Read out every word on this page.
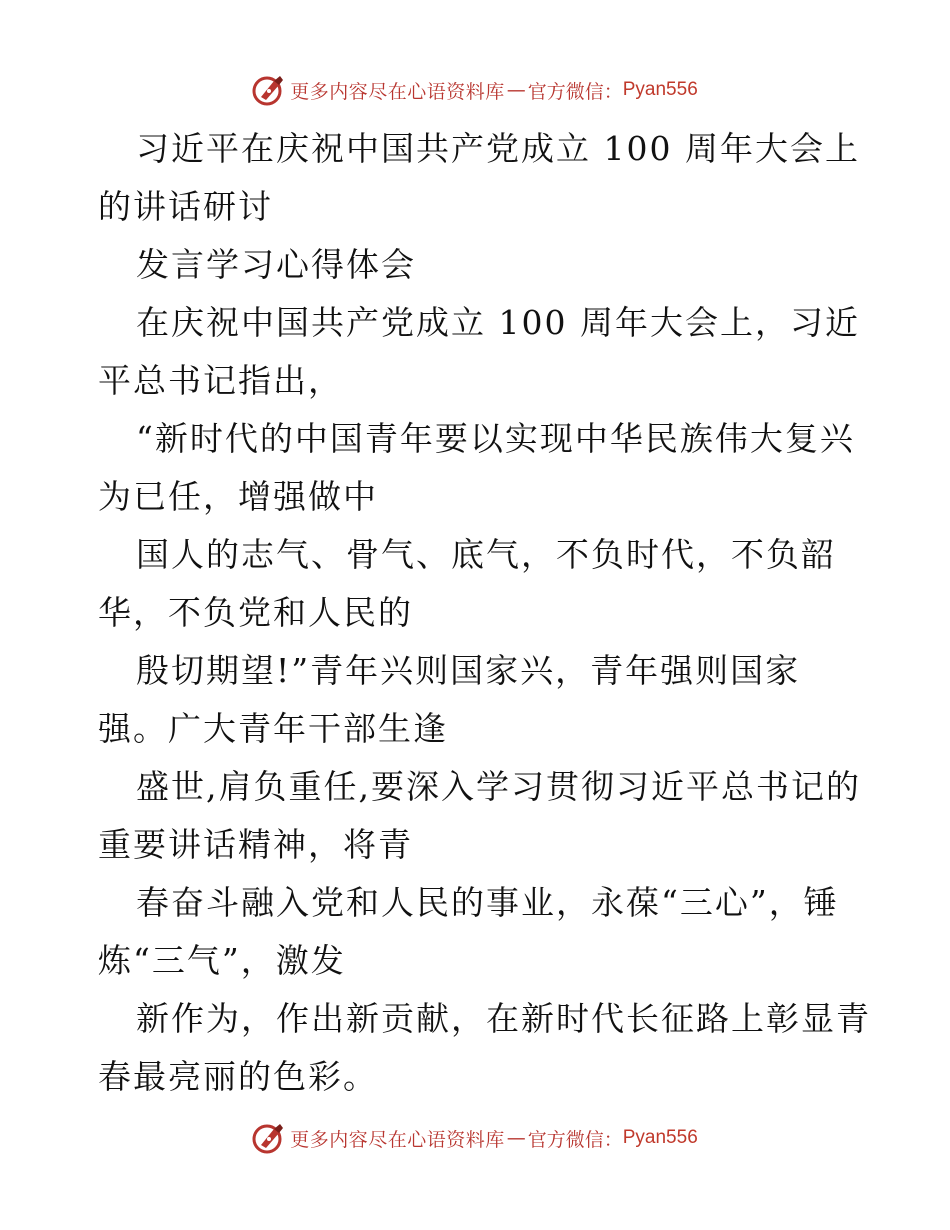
更多内容尽在心语资料库 — 官方微信： Pyan556
习近平在庆祝中国共产党成立 100 周年大会上
的讲话研讨
发言学习心得体会
在庆祝中国共产党成立 100 周年大会上，习近
平总书记指出，
“新时代的中国青年要以实现中华民族伟大复兴
为已任，增强做中
国人的志气、骨气、底气，不负时代，不负韶
华，不负党和人民的
殷切期望!”青年兴则国家兴，青年强则国家
强。广大青年干部生逢
盛世,肩负重任,要深入学习贯彻习近平总书记的
重要讲话精神，将青
春奋斗融入党和人民的事业，永葆“三心”，锤
炼“三气”，激发
新作为，作出新贡献，在新时代长征路上彰显青
春最亮丽的色彩。
更多内容尽在心语资料库 — 官方微信： Pyan556
